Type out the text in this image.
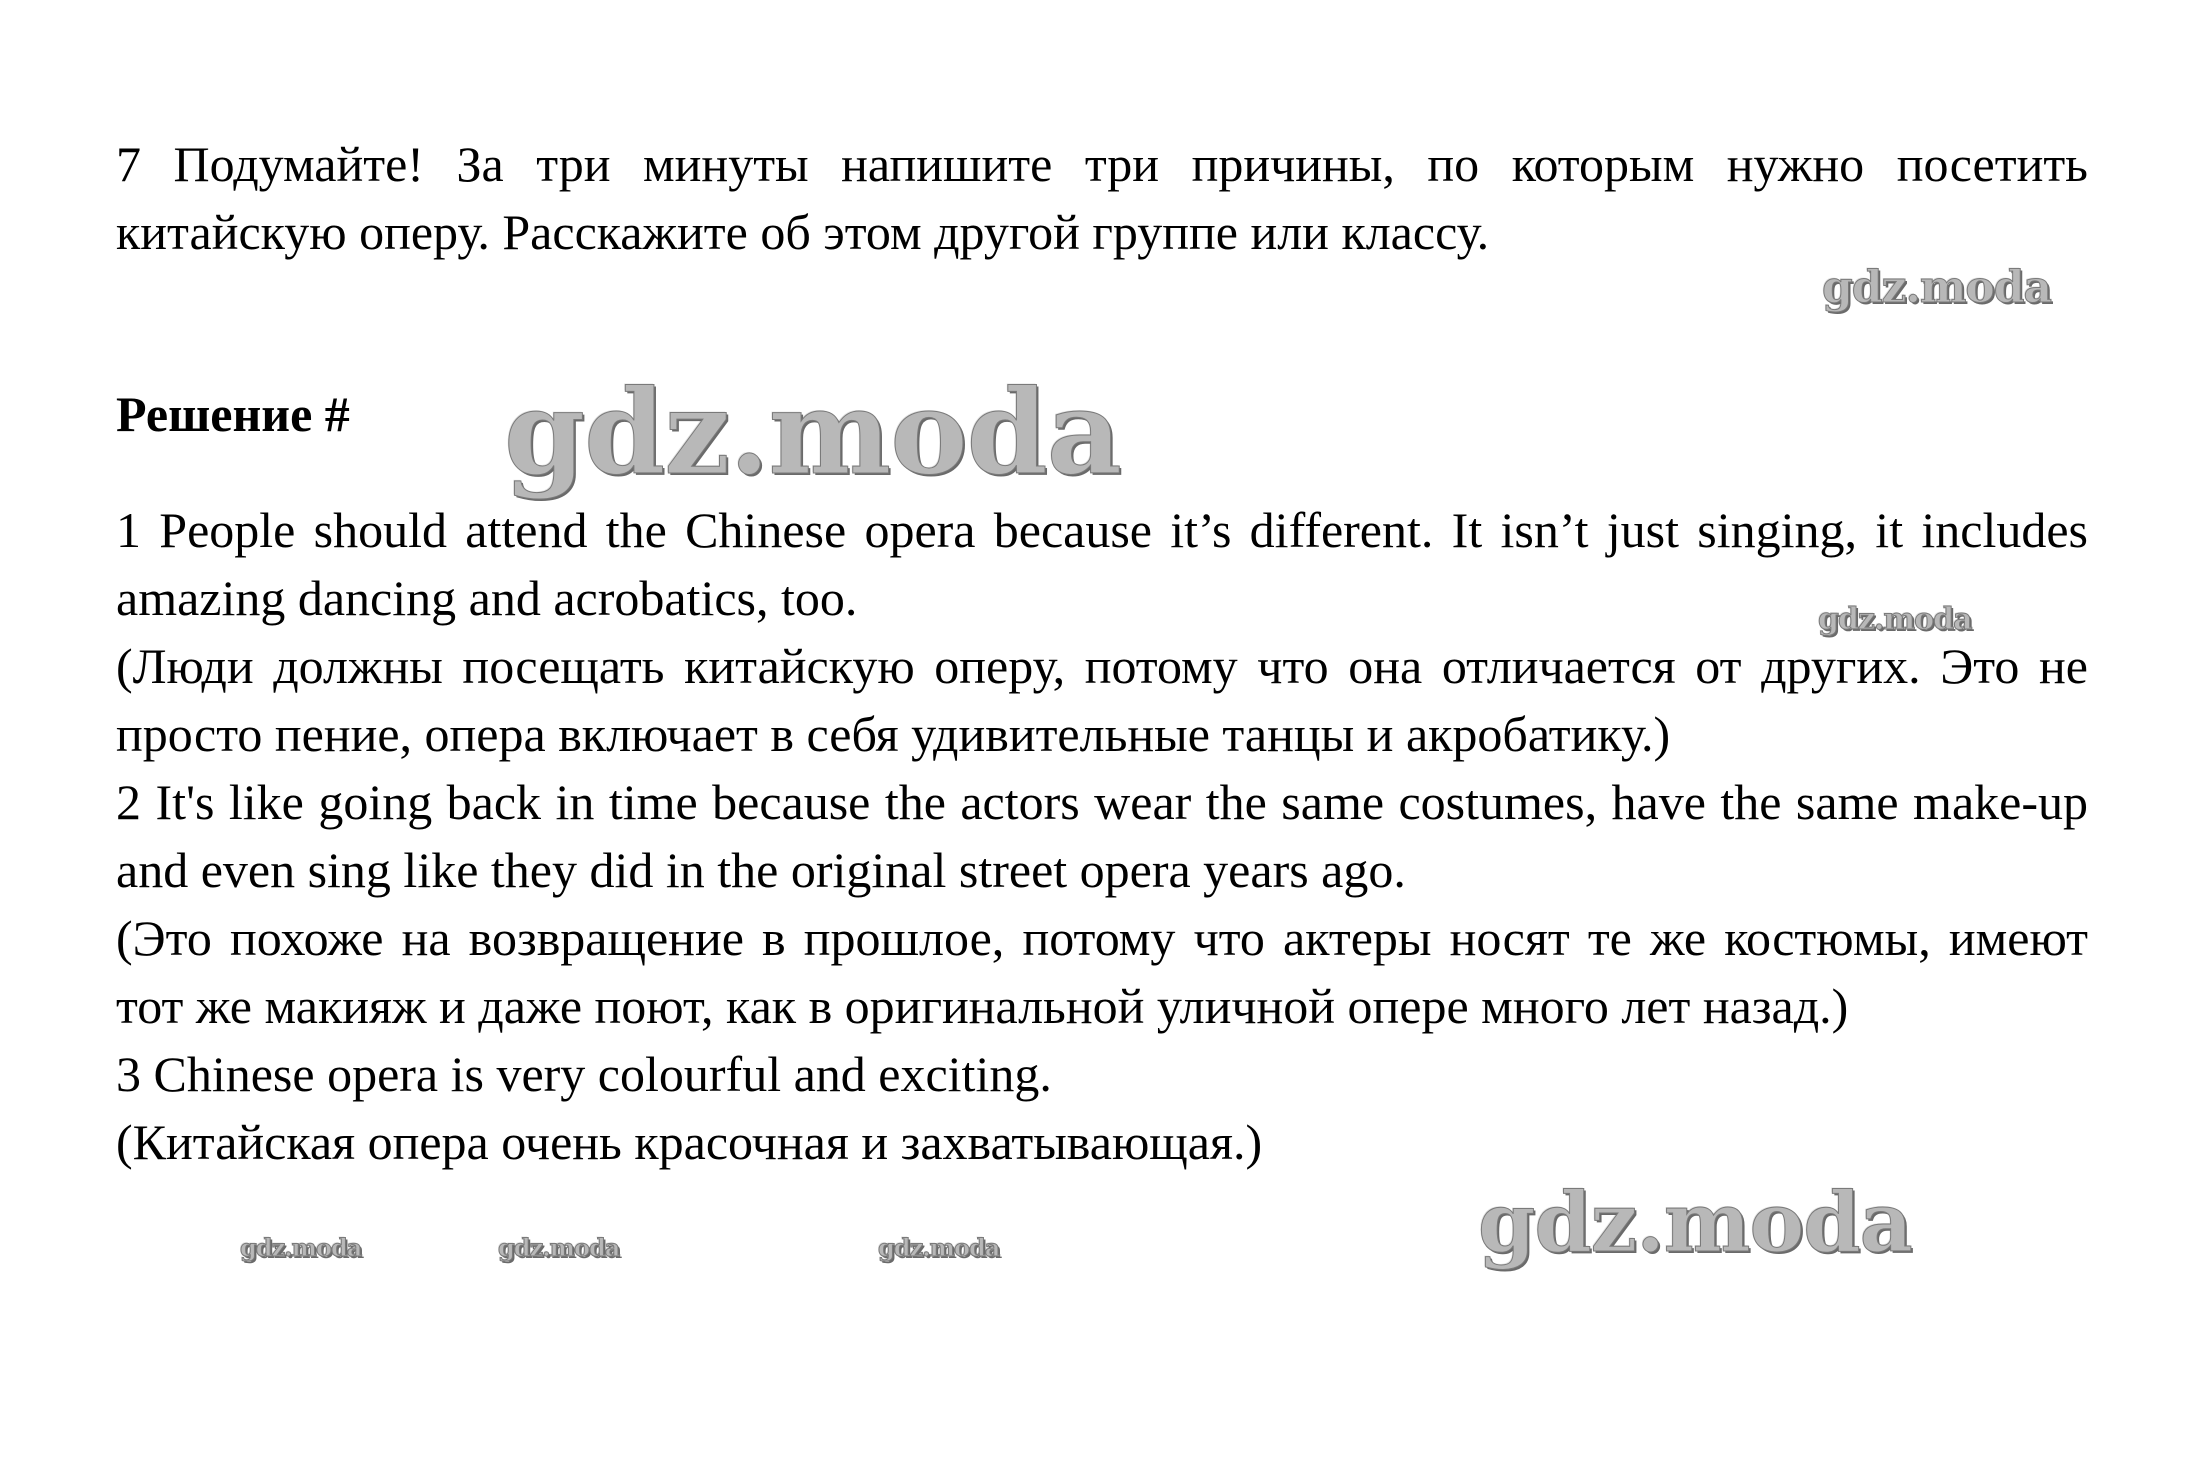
7 Подумайте! За три минуты напишите три причины, по которым нужно посетить китайскую оперу. Расскажите об этом другой группе или классу.

Решение #

1 People should attend the Chinese opera because it’s different. It isn’t just singing, it includes amazing dancing and acrobatics, too.

(Люди должны посещать китайскую оперу, потому что она отличается от других. Это не просто пение, опера включает в себя удивительные танцы и акробатику.)

2 It's like going back in time because the actors wear the same costumes, have the same make-up and even sing like they did in the original street opera years ago.

(Это похоже на возвращение в прошлое, потому что актеры носят те же костюмы, имеют тот же макияж и даже поют, как в оригинальной уличной опере много лет назад.)

3 Chinese opera is very colourful and exciting.

(Китайская опера очень красочная и захватывающая.)

gdz.moda
gdz.moda
gdz.moda
gdz.moda
gdz.moda	gdz.moda	gdz.moda
